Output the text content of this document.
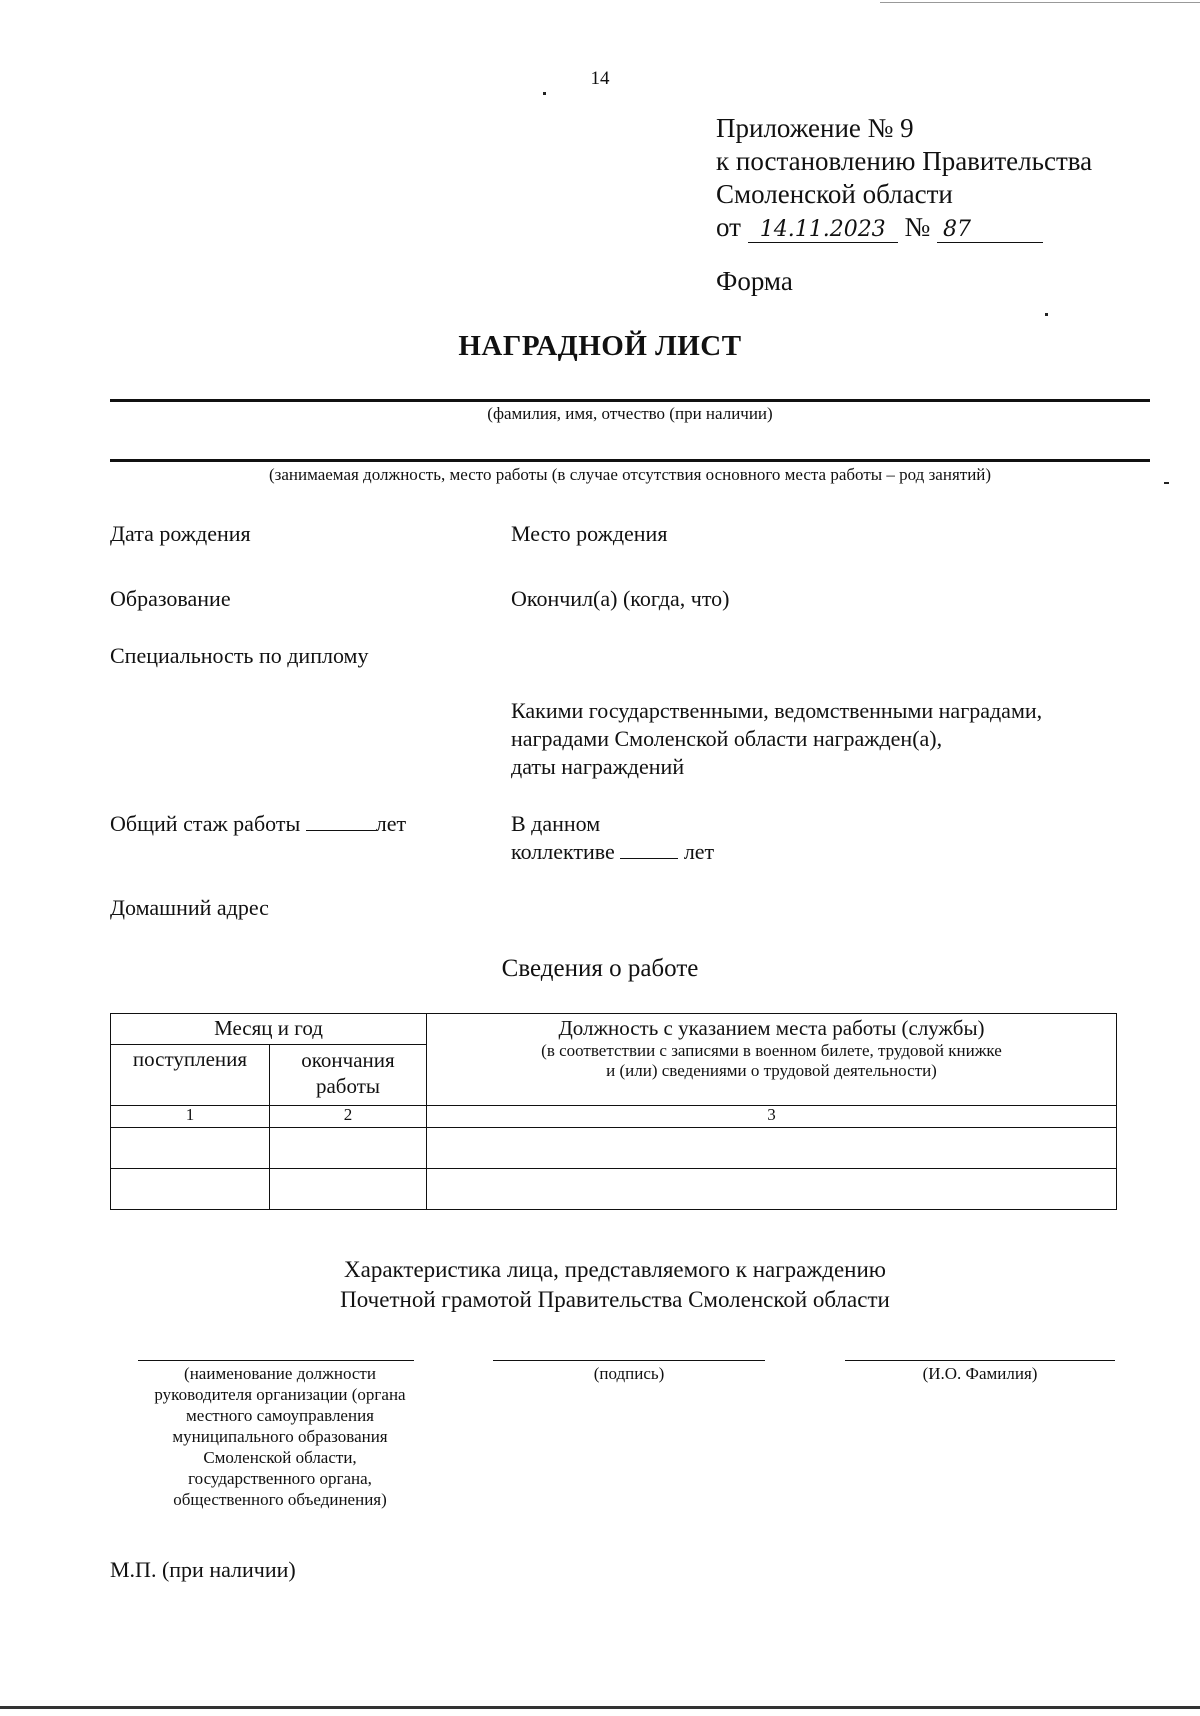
14
Приложение № 9
к постановлению Правительства
Смоленской области
от 14.11.2023 № 87
Форма
НАГРАДНОЙ ЛИСТ
(фамилия, имя, отчество (при наличии)
(занимаемая должность, место работы (в случае отсутствия основного места работы – род занятий)
Дата рождения	Место рождения
Образование	Окончил(а) (когда, что)
Специальность по диплому
Какими государственными, ведомственными наградами,
наградами Смоленской области награжден(а),
даты награждений
Общий стаж работы	лет	В данном
коллективе	лет
Домашний адрес
Сведения о работе
Месяц и год		Должность с указанием места работы (службы)
(в соответствии с записями в военном билете, трудовой книжке
и (или) сведениями о трудовой деятельности)

поступления	окончания
работы	

1	2	3

Характеристика лица, представляемого к награждению
Почетной грамотой Правительства Смоленской области
(наименование должности
руководителя организации (органа
местного самоуправления
муниципального образования
Смоленской области,
государственного органа,
общественного объединения)
(подпись)	(И.О. Фамилия)
М.П. (при наличии)
